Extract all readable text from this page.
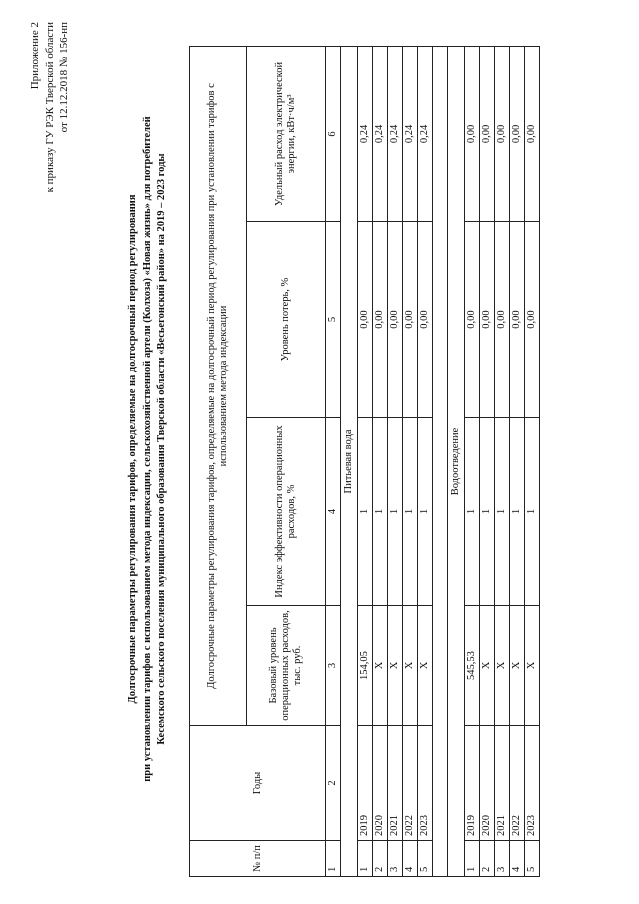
Приложение 2 к приказу ГУ РЭК Тверской области от 12.12.2018 № 156-нп
Долгосрочные параметры регулирования тарифов, определяемые на долгосрочный период регулирования при установлении тарифов с использованием метода индексации, сельскохозяйственной артели (Колхоза) «Новая жизнь» для потребителей Кесемского сельского поселения муниципального образования Тверской области «Весьегонский район» на 2019 – 2023 годы
№ п/п	Годы	Долгосрочные параметры регулирования тарифов, определяемые на долгосрочный период регулирования при установлении тарифов с использованием метода индексации			
		Базовый уровень операционных расходов, тыс. руб.	Индекс эффективности операционных расходов, %	Уровень потерь, %	Удельный расход электрической энергии, кВт·ч/м³
1	2	3	4	5	6
Питьевая вода					
1	2019	154,05	1	0,00	0,24
2	2020	X	1	0,00	0,24
3	2021	X	1	0,00	0,24
4	2022	X	1	0,00	0,24
5	2023	X	1	0,00	0,24

Водоотведение					
1	2019	545,53	1	0,00	0,00
2	2020	X	1	0,00	0,00
3	2021	X	1	0,00	0,00
4	2022	X	1	0,00	0,00
5	2023	X	1	0,00	0,00
